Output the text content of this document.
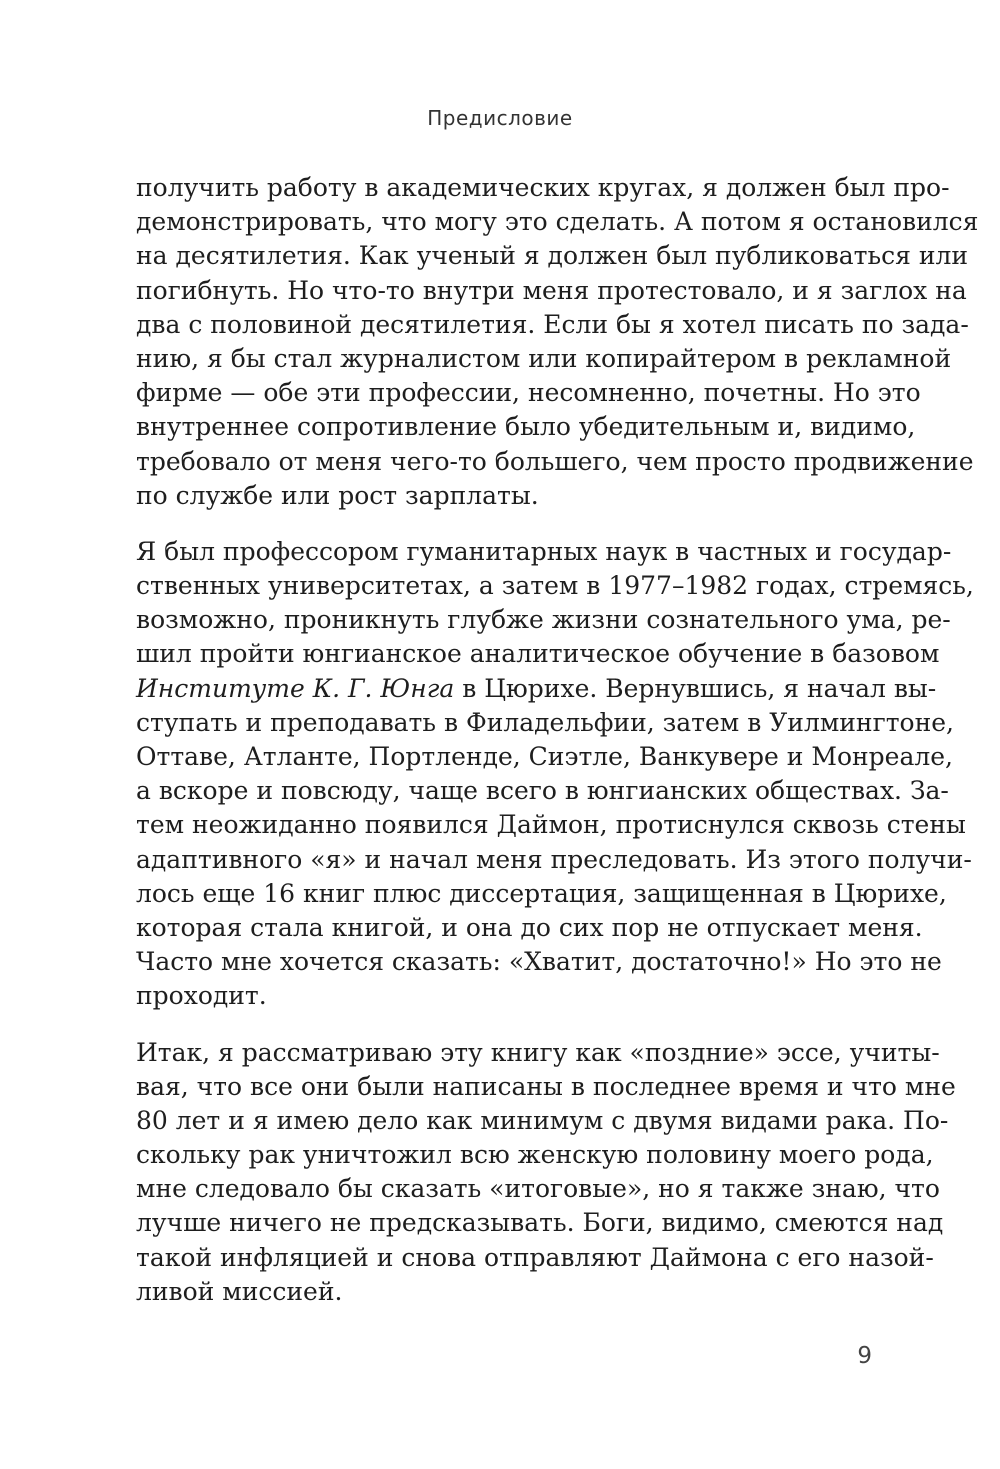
Предисловие

получить работу в академических кругах, я должен был про-
демонстрировать, что могу это сделать. А потом я остановился
на десятилетия. Как ученый я должен был публиковаться или
погибнуть. Но что-то внутри меня протестовало, и я заглох на
два с половиной десятилетия. Если бы я хотел писать по зада-
нию, я бы стал журналистом или копирайтером в рекламной
фирме — обе эти профессии, несомненно, почетны. Но это
внутреннее сопротивление было убедительным и, видимо,
требовало от меня чего-то большего, чем просто продвижение
по службе или рост зарплаты.

Я был профессором гуманитарных наук в частных и государ-
ственных университетах, а затем в 1977–1982 годах, стремясь,
возможно, проникнуть глубже жизни сознательного ума, ре-
шил пройти юнгианское аналитическое обучение в базовом
Институте К. Г. Юнга в Цюрихе. Вернувшись, я начал вы-
ступать и преподавать в Филадельфии, затем в Уилмингтоне,
Оттаве, Атланте, Портленде, Сиэтле, Ванкувере и Монреале,
а вскоре и повсюду, чаще всего в юнгианских обществах. За-
тем неожиданно появился Даймон, протиснулся сквозь стены
адаптивного «я» и начал меня преследовать. Из этого получи-
лось еще 16 книг плюс диссертация, защищенная в Цюрихе,
которая стала книгой, и она до сих пор не отпускает меня.
Часто мне хочется сказать: «Хватит, достаточно!» Но это не
проходит.

Итак, я рассматриваю эту книгу как «поздние» эссе, учиты-
вая, что все они были написаны в последнее время и что мне
80 лет и я имею дело как минимум с двумя видами рака. По-
скольку рак уничтожил всю женскую половину моего рода,
мне следовало бы сказать «итоговые», но я также знаю, что
лучше ничего не предсказывать. Боги, видимо, смеются над
такой инфляцией и снова отправляют Даймона с его назой-
ливой миссией.

9
